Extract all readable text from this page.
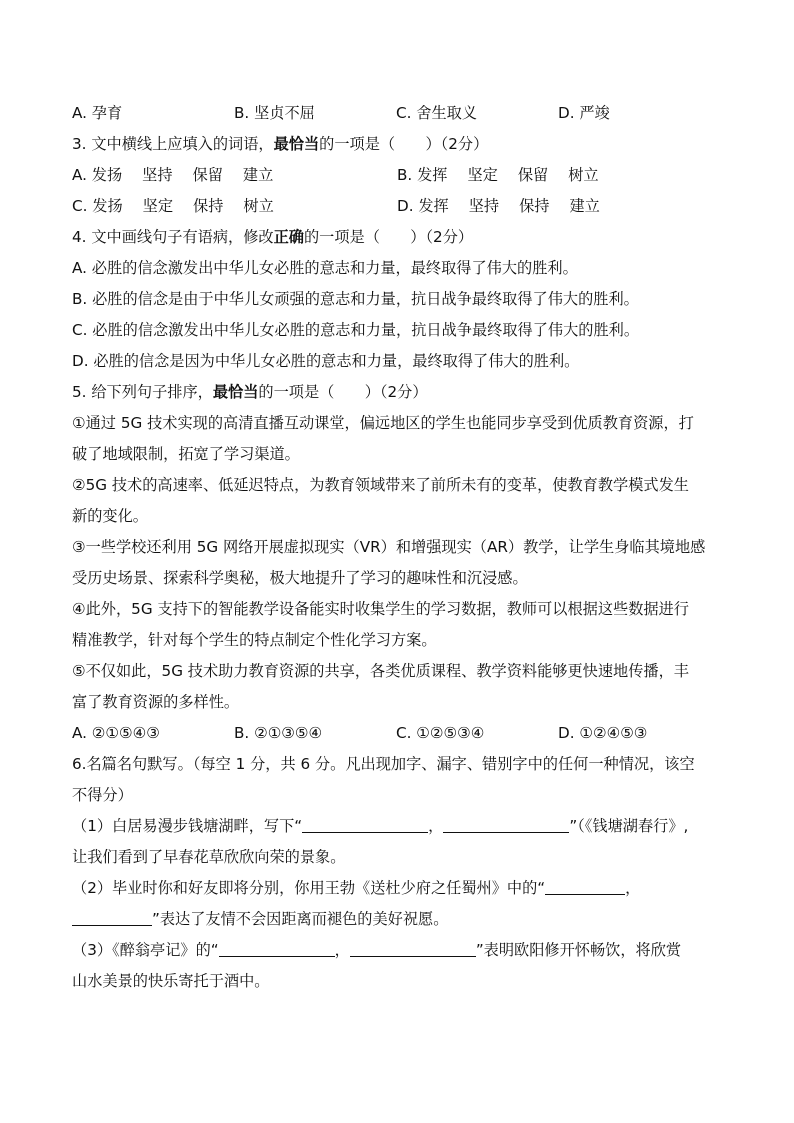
A. 孕育	B. 坚贞不屈	C. 舍生取义	D. 严竣
3. 文中横线上应填入的词语，最恰当的一项是（　　）（2分）
A. 发扬 坚持 保留 建立	B. 发挥 坚定 保留 树立
C. 发扬 坚定 保持 树立	D. 发挥 坚持 保持 建立
4. 文中画线句子有语病，修改正确的一项是（　　）（2分）
A. 必胜的信念激发出中华儿女必胜的意志和力量，最终取得了伟大的胜利。
B. 必胜的信念是由于中华儿女顽强的意志和力量，抗日战争最终取得了伟大的胜利。
C. 必胜的信念激发出中华儿女必胜的意志和力量，抗日战争最终取得了伟大的胜利。
D. 必胜的信念是因为中华儿女必胜的意志和力量，最终取得了伟大的胜利。
5. 给下列句子排序，最恰当的一项是（　　）（2分）
①通过 5G 技术实现的高清直播互动课堂，偏远地区的学生也能同步享受到优质教育资源，打
破了地域限制，拓宽了学习渠道。
②5G 技术的高速率、低延迟特点，为教育领域带来了前所未有的变革，使教育教学模式发生
新的变化。
③一些学校还利用 5G 网络开展虚拟现实（VR）和增强现实（AR）教学，让学生身临其境地感
受历史场景、探索科学奥秘，极大地提升了学习的趣味性和沉浸感。
④此外，5G 支持下的智能教学设备能实时收集学生的学习数据，教师可以根据这些数据进行
精准教学，针对每个学生的特点制定个性化学习方案。
⑤不仅如此，5G 技术助力教育资源的共享，各类优质课程、教学资料能够更快速地传播，丰
富了教育资源的多样性。
A. ②①⑤④③	B. ②①③⑤④	C. ①②⑤③④	D. ①②④⑤③
6.名篇名句默写。（每空 1 分，共 6 分。凡出现加字、漏字、错别字中的任何一种情况，该空
不得分）
（1）白居易漫步钱塘湖畔，写下“	，	”（《钱塘湖春行》,
让我们看到了早春花草欣欣向荣的景象。
（2）毕业时你和好友即将分别，你用王勃《送杜少府之任蜀州》中的“	，
”表达了友情不会因距离而褪色的美好祝愿。
（3）《醉翁亭记》的“	，	”表明欧阳修开怀畅饮，将欣赏
山水美景的快乐寄托于酒中。
